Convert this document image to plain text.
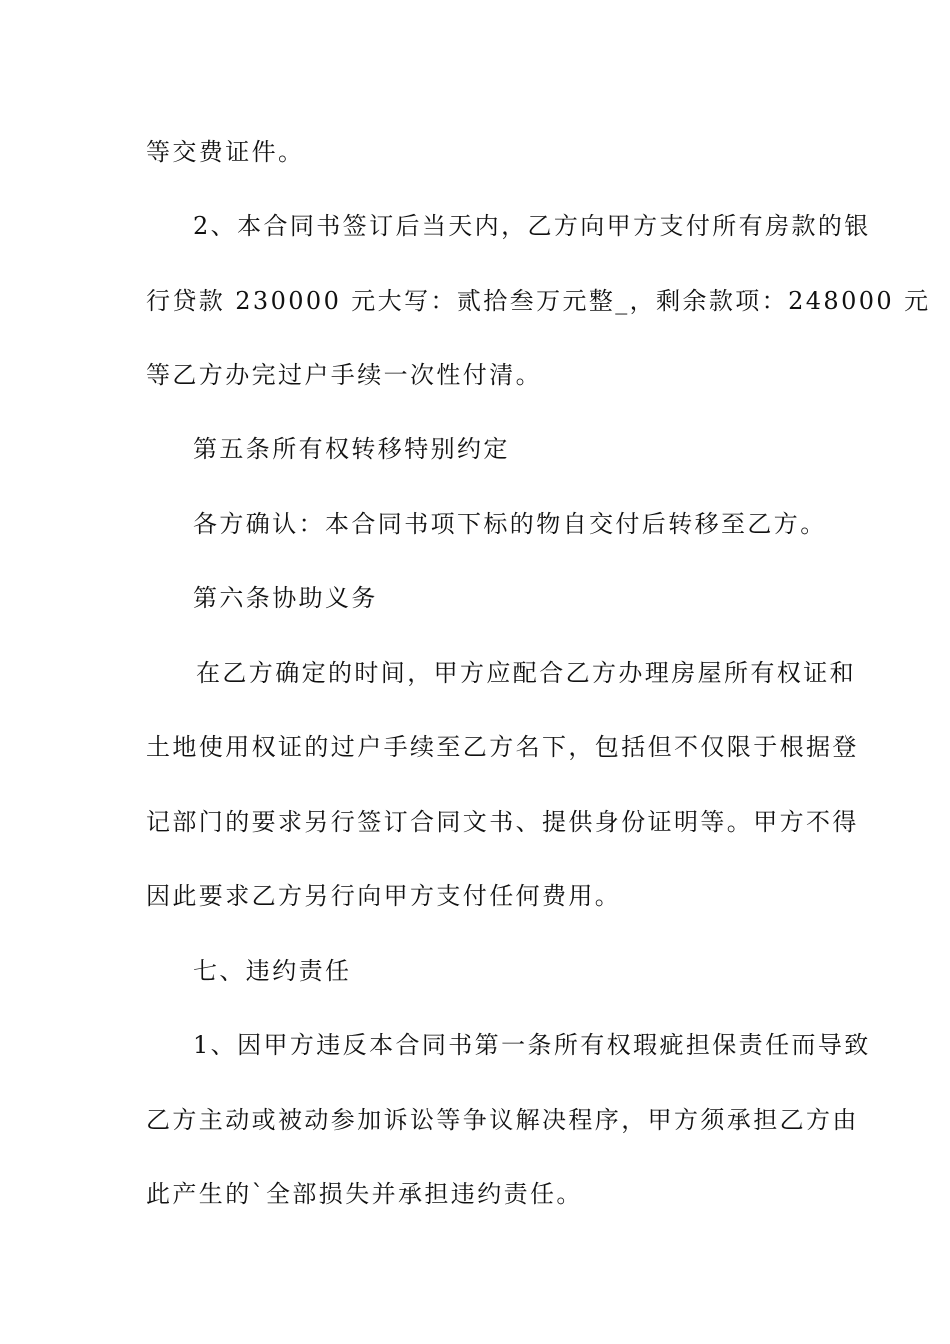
等交费证件。
2、本合同书签订后当天内，乙方向甲方支付所有房款的银
行贷款 230000 元大写：贰拾叁万元整_，剩余款项：248000 元
等乙方办完过户手续一次性付清。
第五条所有权转移特别约定
各方确认：本合同书项下标的物自交付后转移至乙方。
第六条协助义务
在乙方确定的时间，甲方应配合乙方办理房屋所有权证和
土地使用权证的过户手续至乙方名下，包括但不仅限于根据登
记部门的要求另行签订合同文书、提供身份证明等。甲方不得
因此要求乙方另行向甲方支付任何费用。
七、违约责任
1、因甲方违反本合同书第一条所有权瑕疵担保责任而导致
乙方主动或被动参加诉讼等争议解决程序，甲方须承担乙方由
此产生的`全部损失并承担违约责任。
